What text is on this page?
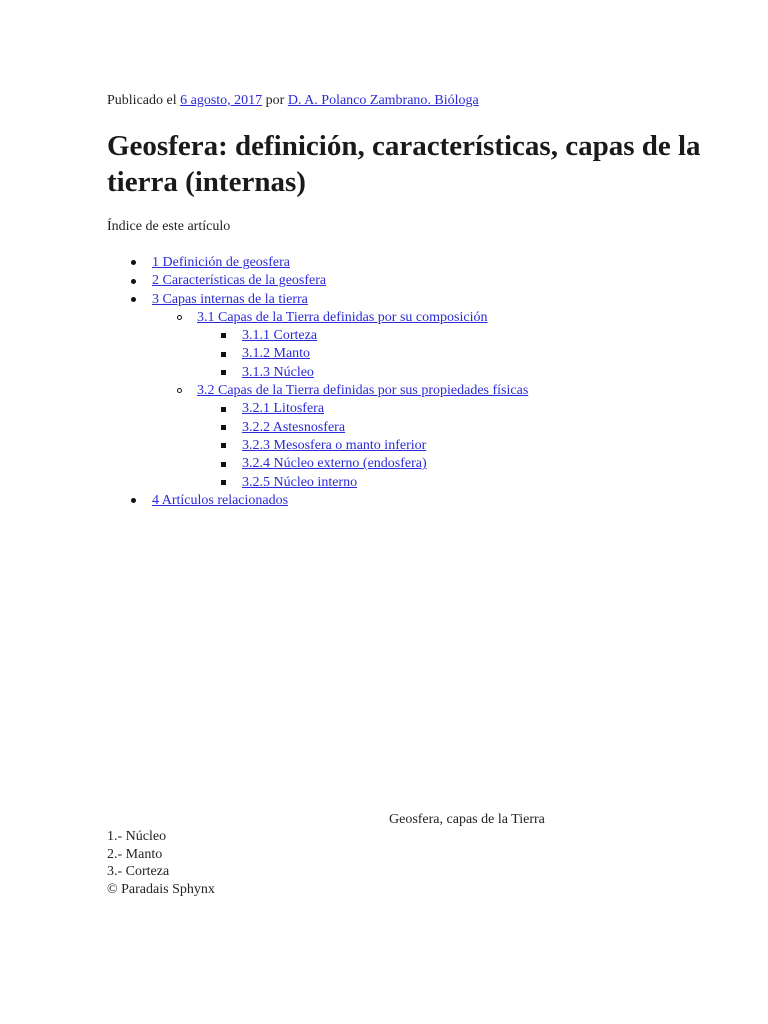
Publicado el 6 agosto, 2017 por D. A. Polanco Zambrano. Bióloga
Geosfera: definición, características, capas de la tierra (internas)
Índice de este artículo
1 Definición de geosfera
2 Características de la geosfera
3 Capas internas de la tierra
3.1 Capas de la Tierra definidas por su composición
3.1.1 Corteza
3.1.2 Manto
3.1.3 Núcleo
3.2 Capas de la Tierra definidas por sus propiedades físicas
3.2.1 Litosfera
3.2.2 Astesnosfera
3.2.3 Mesosfera o manto inferior
3.2.4 Núcleo externo (endosfera)
3.2.5 Núcleo interno
4 Artículos relacionados
Geosfera, capas de la Tierra
1.- Núcleo
2.- Manto
3.- Corteza
© Paradais Sphynx
